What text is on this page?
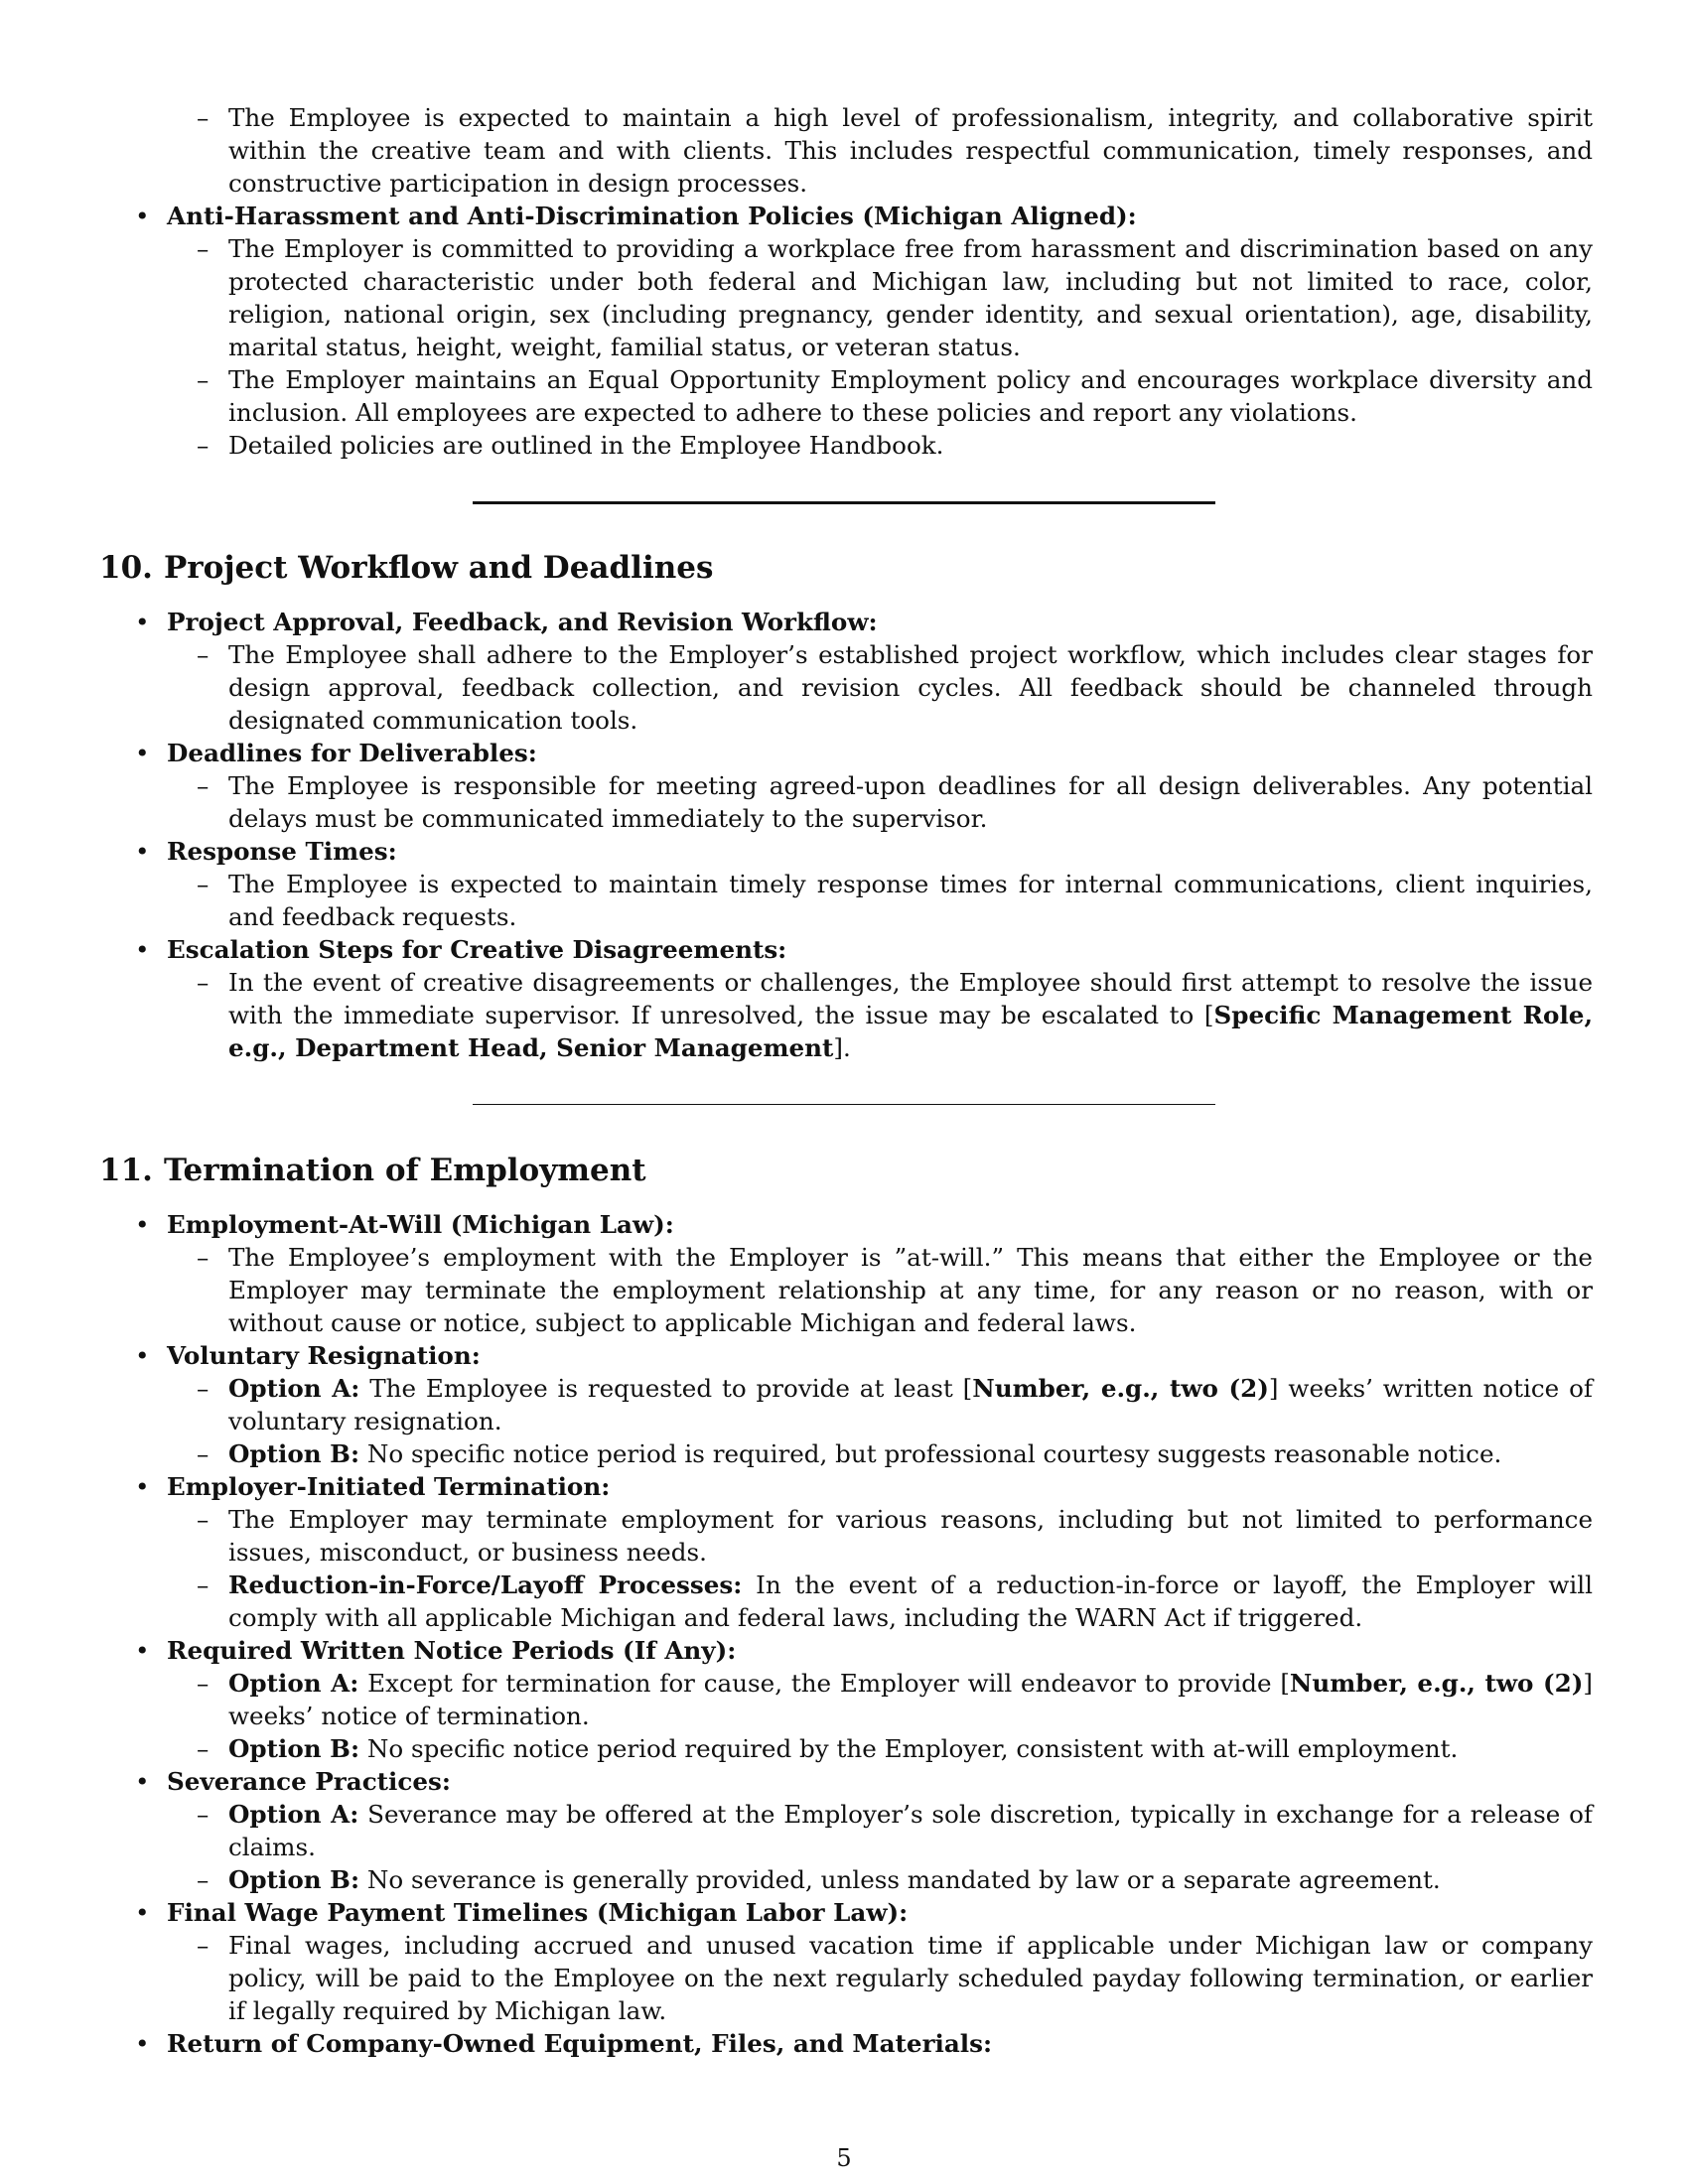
– The Employee is expected to maintain a high level of professionalism, integrity, and collaborative spirit within the creative team and with clients. This includes respectful communication, timely responses, and constructive participation in design processes.
• Anti-Harassment and Anti-Discrimination Policies (Michigan Aligned):
– The Employer is committed to providing a workplace free from harassment and discrimination based on any protected characteristic under both federal and Michigan law, including but not limited to race, color, religion, national origin, sex (including pregnancy, gender identity, and sexual orientation), age, disability, marital status, height, weight, familial status, or veteran status.
– The Employer maintains an Equal Opportunity Employment policy and encourages workplace diversity and inclusion. All employees are expected to adhere to these policies and report any violations.
– Detailed policies are outlined in the Employee Handbook.
10. Project Workflow and Deadlines
• Project Approval, Feedback, and Revision Workflow:
– The Employee shall adhere to the Employer’s established project workflow, which includes clear stages for design approval, feedback collection, and revision cycles. All feedback should be channeled through designated communication tools.
• Deadlines for Deliverables:
– The Employee is responsible for meeting agreed-upon deadlines for all design deliverables. Any potential delays must be communicated immediately to the supervisor.
• Response Times:
– The Employee is expected to maintain timely response times for internal communications, client inquiries, and feedback requests.
• Escalation Steps for Creative Disagreements:
– In the event of creative disagreements or challenges, the Employee should first attempt to resolve the issue with the immediate supervisor. If unresolved, the issue may be escalated to [Specific Management Role, e.g., Department Head, Senior Management].
11. Termination of Employment
• Employment-At-Will (Michigan Law):
– The Employee’s employment with the Employer is ”at-will.” This means that either the Employee or the Employer may terminate the employment relationship at any time, for any reason or no reason, with or without cause or notice, subject to applicable Michigan and federal laws.
• Voluntary Resignation:
– Option A: The Employee is requested to provide at least [Number, e.g., two (2)] weeks’ written notice of voluntary resignation.
– Option B: No specific notice period is required, but professional courtesy suggests reasonable notice.
• Employer-Initiated Termination:
– The Employer may terminate employment for various reasons, including but not limited to performance issues, misconduct, or business needs.
– Reduction-in-Force/Layoff Processes: In the event of a reduction-in-force or layoff, the Employer will comply with all applicable Michigan and federal laws, including the WARN Act if triggered.
• Required Written Notice Periods (If Any):
– Option A: Except for termination for cause, the Employer will endeavor to provide [Number, e.g., two (2)] weeks’ notice of termination.
– Option B: No specific notice period required by the Employer, consistent with at-will employment.
• Severance Practices:
– Option A: Severance may be offered at the Employer’s sole discretion, typically in exchange for a release of claims.
– Option B: No severance is generally provided, unless mandated by law or a separate agreement.
• Final Wage Payment Timelines (Michigan Labor Law):
– Final wages, including accrued and unused vacation time if applicable under Michigan law or company policy, will be paid to the Employee on the next regularly scheduled payday following termination, or earlier if legally required by Michigan law.
• Return of Company-Owned Equipment, Files, and Materials:
5
